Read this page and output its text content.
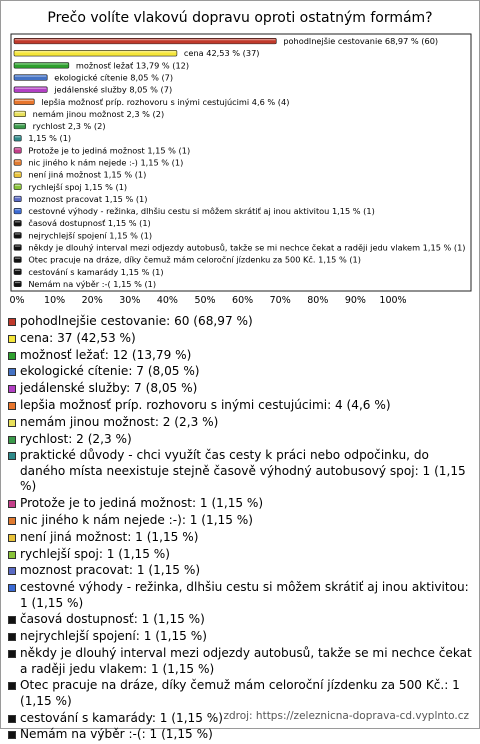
Prečo volíte vlakovú dopravu oproti ostatným formám?
pohodlnejšie cestovanie 68,97 % (60)
cena 42,53 % (37)
možnosť ležať 13,79 % (12)
ekologické cítenie 8,05 % (7)
jedálenské služby 8,05 % (7)
lepšia možnosť príp. rozhovoru s inými cestujúcimi 4,6 % (4)
nemám jinou možnost 2,3 % (2)
rychlost 2,3 % (2)
1,15 % (1)
Protože je to jediná možnost 1,15 % (1)
nic jiného k nám nejede :-) 1,15 % (1)
není jiná možnost 1,15 % (1)
rychlejší spoj 1,15 % (1)
moznost pracovat 1,15 % (1)
cestovné výhody - režinka, dlhšiu cestu si môžem skrátiť aj inou aktivitou 1,15 % (1)
časová dostupnosť 1,15 % (1)
nejrychlejší spojení 1,15 % (1)
někdy je dlouhý interval mezi odjezdy autobusů, takže se mi nechce čekat a raději jedu vlakem 1,15 % (1)
Otec pracuje na dráze, díky čemuž mám celoroční jízdenku za 500 Kč. 1,15 % (1)
cestování s kamarády 1,15 % (1)
Nemám na výběr :-( 1,15 % (1)
0% 10% 20% 30% 40% 50% 60% 70% 80% 90% 100%
pohodlnejšie cestovanie: 60 (68,97 %)
cena: 37 (42,53 %)
možnosť ležať: 12 (13,79 %)
ekologické cítenie: 7 (8,05 %)
jedálenské služby: 7 (8,05 %)
lepšia možnosť príp. rozhovoru s inými cestujúcimi: 4 (4,6 %)
nemám jinou možnost: 2 (2,3 %)
rychlost: 2 (2,3 %)
praktické důvody - chci využít čas cesty k práci nebo odpočinku, do daného místa neexistuje stejně časově výhodný autobusový spoj: 1 (1,15 %)
Protože je to jediná možnost: 1 (1,15 %)
nic jiného k nám nejede :-): 1 (1,15 %)
není jiná možnost: 1 (1,15 %)
rychlejší spoj: 1 (1,15 %)
moznost pracovat: 1 (1,15 %)
cestovné výhody - režinka, dlhšiu cestu si môžem skrátiť aj inou aktivitou: 1 (1,15 %)
časová dostupnosť: 1 (1,15 %)
nejrychlejší spojení: 1 (1,15 %)
někdy je dlouhý interval mezi odjezdy autobusů, takže se mi nechce čekat a raději jedu vlakem: 1 (1,15 %)
Otec pracuje na dráze, díky čemuž mám celoroční jízdenku za 500 Kč.: 1 (1,15 %)
cestování s kamarády: 1 (1,15 %)
Nemám na výběr :-(: 1 (1,15 %)
zdroj: https://zeleznicna-doprava-cd.vyplnto.cz
